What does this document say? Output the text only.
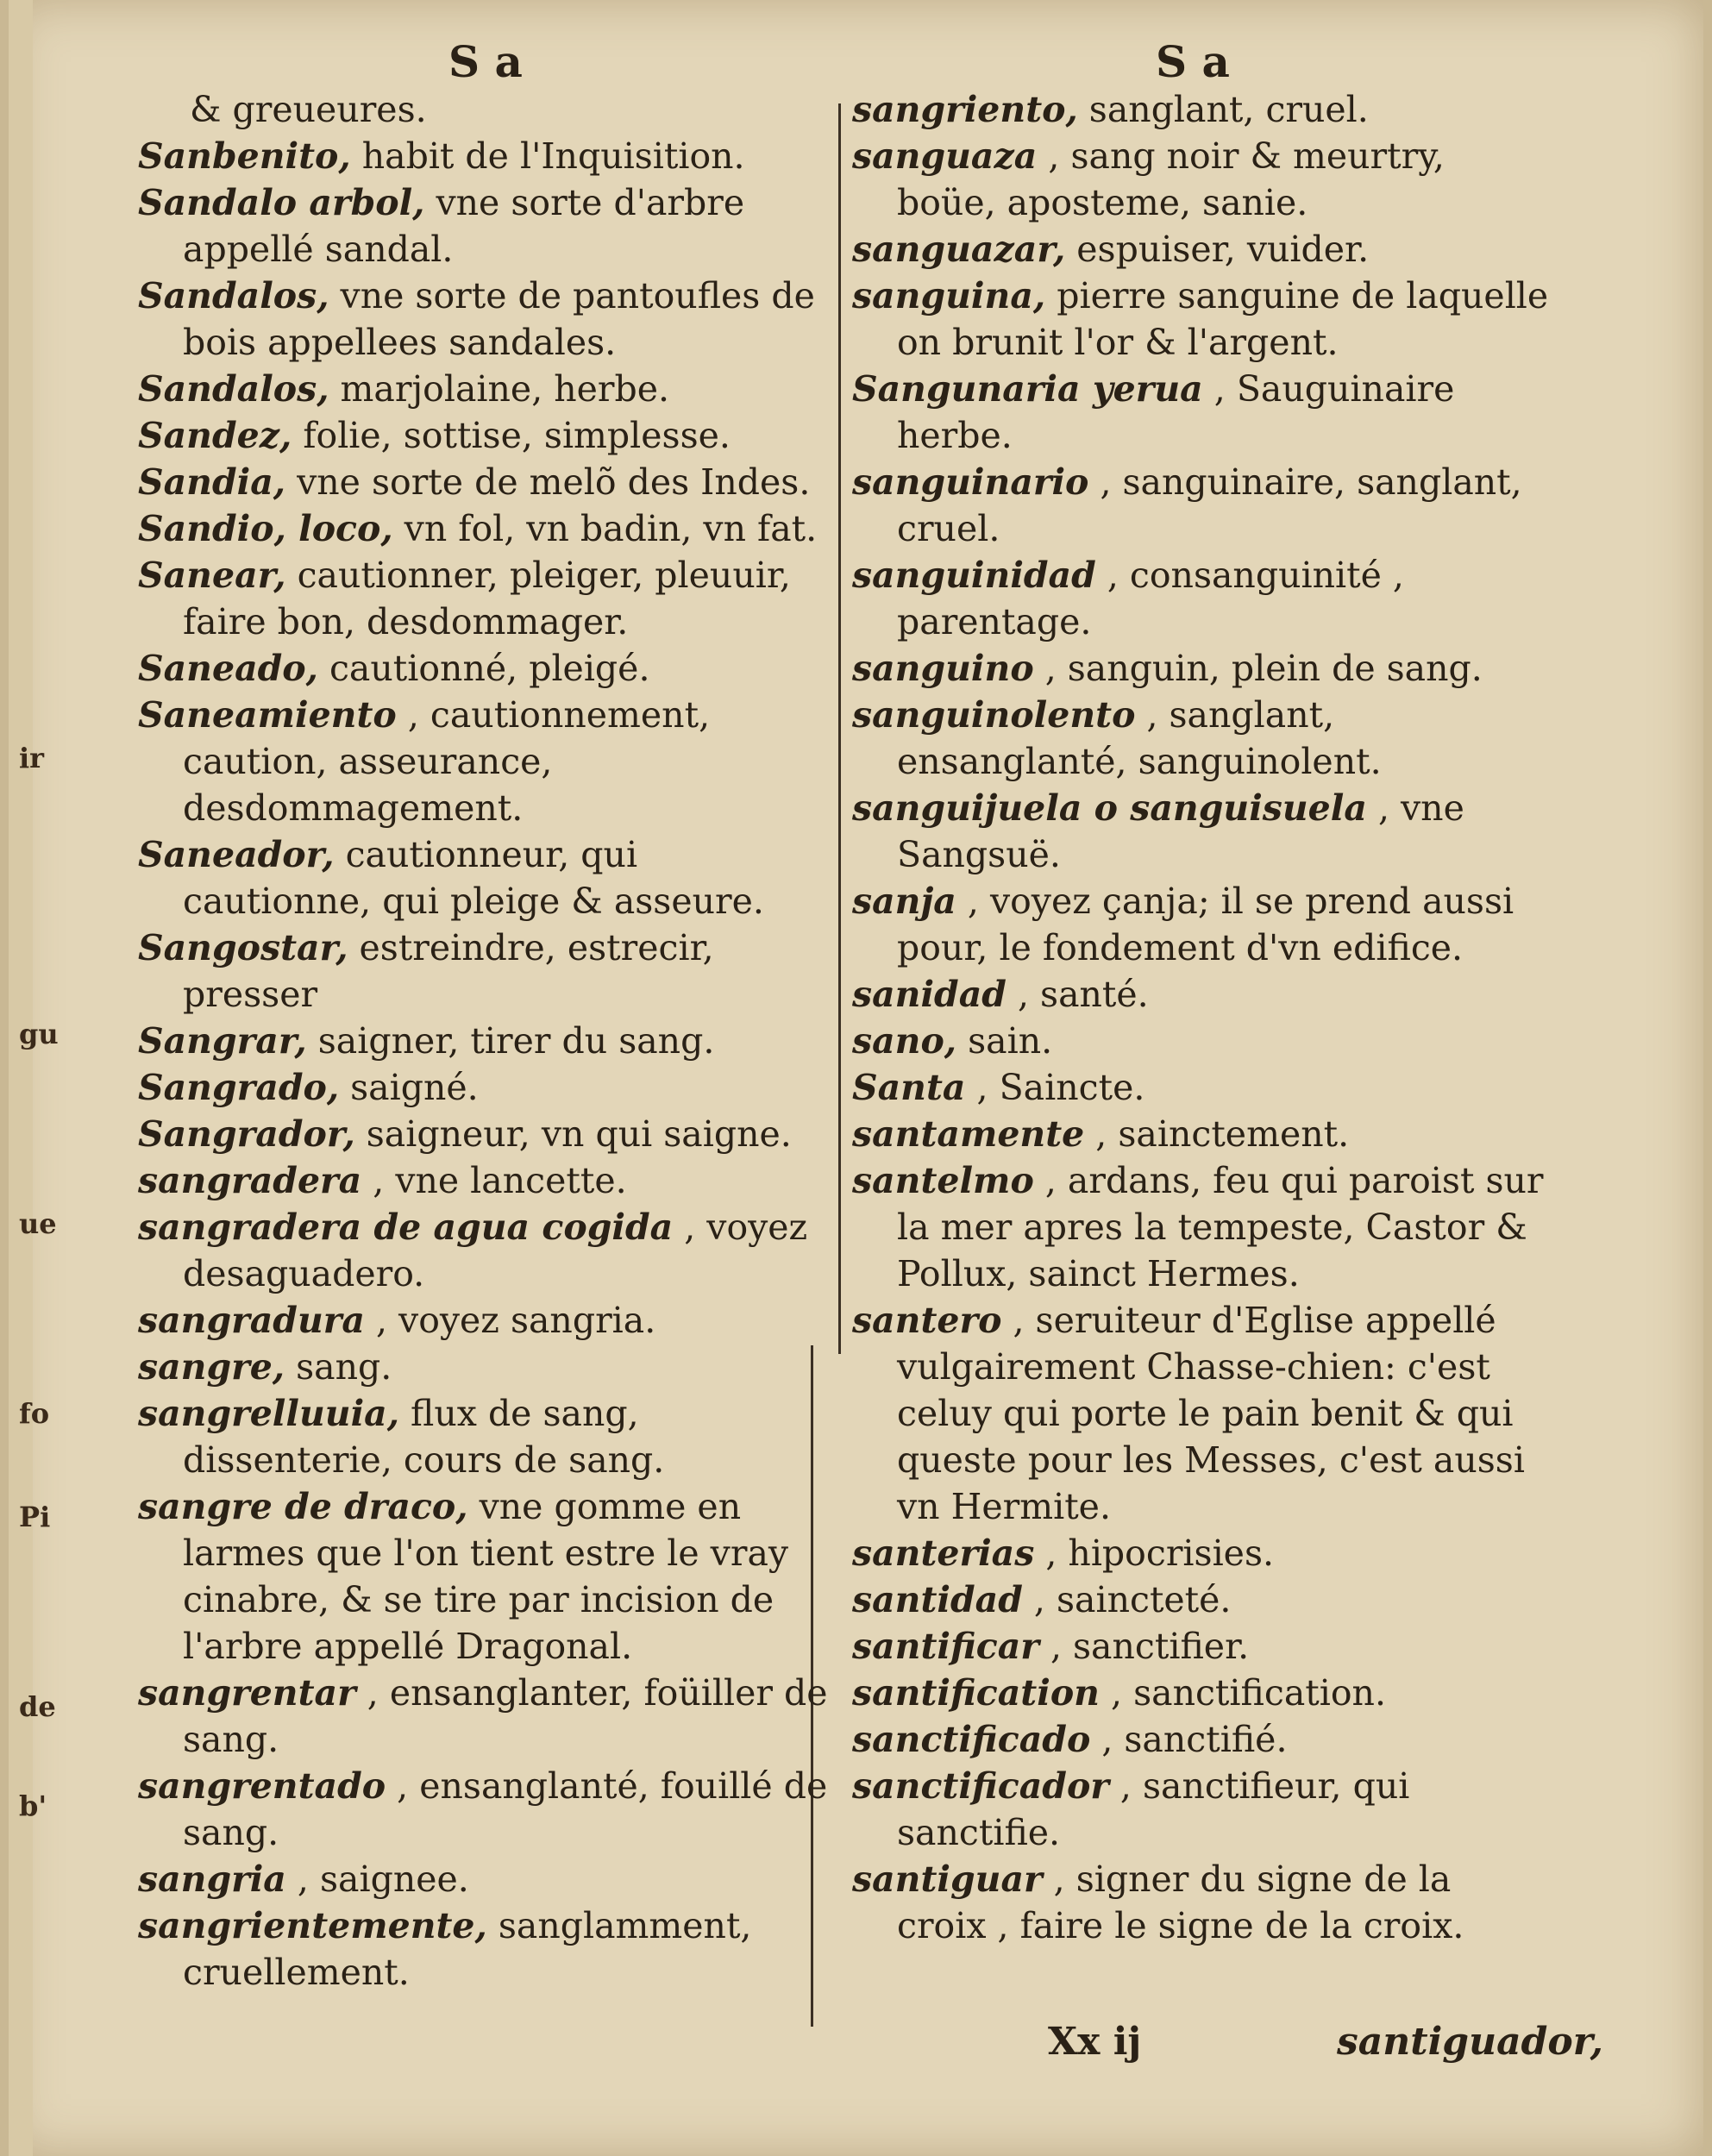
ir
gu
ue
de
b'
fo
Pi
S a	S a
& greueures.
Sanbenito, habit de l'Inquisition.
Sandalo arbol, vne sorte d'arbre appellé sandal.
Sandalos, vne sorte de pantoufles de bois appellees sandales.
Sandalos, marjolaine, herbe.
Sandez, folie, sottise, simplesse.
Sandia, vne sorte de melõ des Indes.
Sandio, loco, vn fol, vn badin, vn fat.
Sanear, cautionner, pleiger, pleuuir, faire bon, desdommager.
Saneado, cautionné, pleigé.
Saneamiento , cautionnement, caution, asseurance, desdommagement.
Saneador, cautionneur, qui cautionne, qui pleige & asseure.
Sangostar, estreindre, estrecir, presser
Sangrar, saigner, tirer du sang.
Sangrado, saigné.
Sangrador, saigneur, vn qui saigne.
sangradera , vne lancette.
sangradera de agua cogida , voyez desaguadero.
sangradura , voyez sangria.
sangre, sang.
sangrelluuia, flux de sang, dissenterie, cours de sang.
sangre de draco, vne gomme en larmes que l'on tient estre le vray cinabre, & se tire par incision de l'arbre appellé Dragonal.
sangrentar , ensanglanter, foüiller de sang.
sangrentado , ensanglanté, fouillé de sang.
sangria , saignee.
sangrientemente, sanglamment, cruellement.
sangriento, sanglant, cruel.
sanguaza , sang noir & meurtry, boüe, aposteme, sanie.
sanguazar, espuiser, vuider.
sanguina, pierre sanguine de laquelle on brunit l'or & l'argent.
Sangunaria yerua , Sauguinaire herbe.
sanguinario , sanguinaire, sanglant, cruel.
sanguinidad , consanguinité , parentage.
sanguino , sanguin, plein de sang.
sanguinolento , sanglant, ensanglanté, sanguinolent.
sanguijuela o sanguisuela , vne Sangsuë.
sanja , voyez çanja; il se prend aussi pour, le fondement d'vn edifice.
sanidad , santé.
sano, sain.
Santa , Saincte.
santamente , sainctement.
santelmo , ardans, feu qui paroist sur la mer apres la tempeste, Castor & Pollux, sainct Hermes.
santero , seruiteur d'Eglise appellé vulgairement Chasse-chien: c'est celuy qui porte le pain benit & qui queste pour les Messes, c'est aussi vn Hermite.
santerias , hipocrisies.
santidad , saincteté.
santificar , sanctifier.
santification , sanctification.
sanctificado , sanctifié.
sanctificador , sanctifieur, qui sanctifie.
santiguar , signer du signe de la croix , faire le signe de la croix.
Xx ij	santiguador,
